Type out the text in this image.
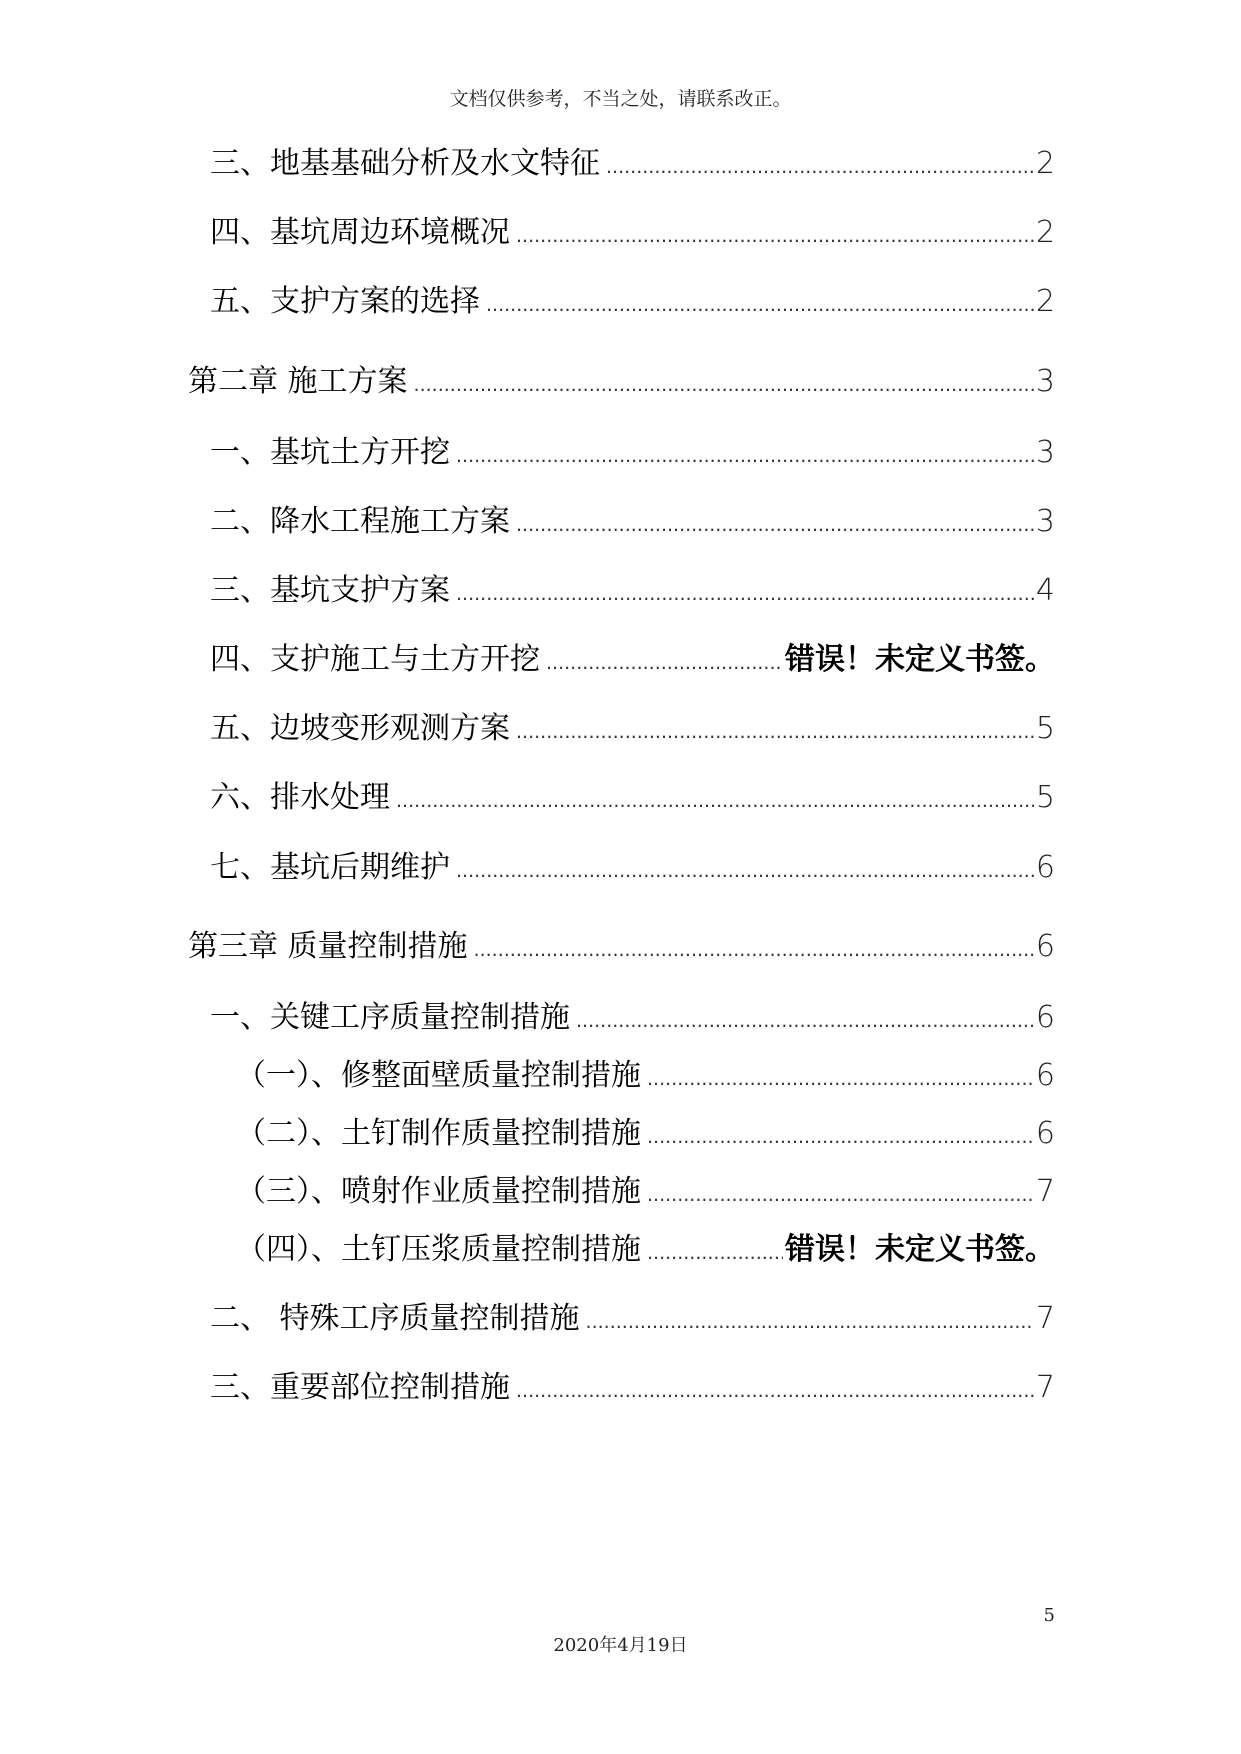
文档仅供参考，不当之处，请联系改正。
三、地基基础分析及水文特征 .....	2
四、基坑周边环境概况 .....	2
五、支护方案的选择 .....	2
第二章 施工方案 .....	3
一、基坑土方开挖 .....	3
二、降水工程施工方案 .....	3
三、基坑支护方案 .....	4
四、支护施工与土方开挖 .....	错误！未定义书签。
五、边坡变形观测方案 .....	5
六、排水处理 .....	5
七、基坑后期维护 .....	6
第三章 质量控制措施 .....	6
一、关键工序质量控制措施 .....	6
（一）、修整面壁质量控制措施 .....	6
（二）、土钉制作质量控制措施 .....	6
（三）、喷射作业质量控制措施 .....	7
（四）、土钉压浆质量控制措施 .....	错误！未定义书签。
二、 特殊工序质量控制措施 .....	7
三、重要部位控制措施 .....	7
5
2020年4月19日
